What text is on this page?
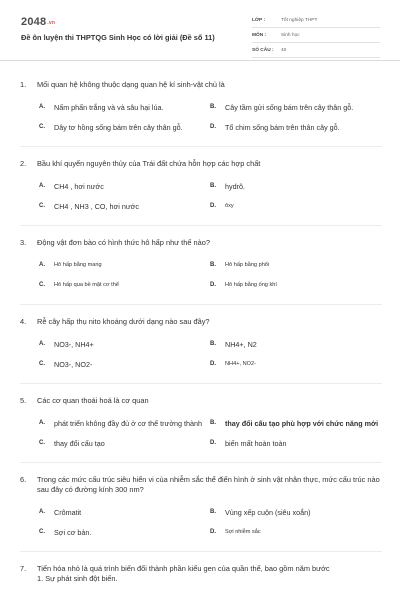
2048.vn
Đề ôn luyện thi THPTQG Sinh Học có lời giải (Đề số 11)
LỚP :	Tốt nghiệp THPT
MÔN :	Sinh học
SỐ CÂU :	40
1.	Mối quan hệ không thuộc dạng quan hệ kí sinh-vật chủ là
A.	Nấm phấn trắng và và sâu hại lúa.	B.	Cây tầm gửi sống bám trên cây thân gỗ.
C.	Dây tơ hồng sống bám trên cây thân gỗ.	D.	Tổ chim sống bám trên thân cây gỗ.
2.	Bầu khí quyển nguyên thủy của Trái đất chứa hỗn hợp các hợp chất
A.	CH4 , hơi nước	B.	hydrô.
C.	CH4 , NH3 , CO, hơi nước	D.	ôxy
3.	Động vật đơn bào có hình thức hô hấp như thế nào?
A.	Hô hấp bằng mang	B.	Hô hấp bằng phổi
C.	Hô hấp qua bề mặt cơ thể	D.	Hô hấp bằng ống khí
4.	Rễ cây hấp thụ nito khoáng dưới dạng nào sau đây?
A.	NO3-, NH4+	B.	NH4+, N2
C.	NO3-, NO2-	D.	NH4+, NO2-
5.	Các cơ quan thoái hoá là cơ quan
A.	phát triển không đầy đủ ở cơ thể trưởng thành B.	thay đổi cấu tạo phù hợp với chức năng mới
C.	thay đổi cấu tạo	D.	biến mất hoàn toàn
6.	Trong các mức cấu trúc siêu hiển vi của nhiễm sắc thể điển hình ở sinh vật nhân thực, mức cấu trúc nào sau đây có đường kính 300 nm?
A.	Crômatit	B.	Vùng xếp cuộn (siêu xoắn)
C.	Sợi cơ bản.	D.	Sợi nhiễm sắc
7.	Tiến hóa nhỏ là quá trình biến đổi thành phần kiểu gen của quần thể, bao gồm năm bước
1. Sự phát sinh đột biến.
